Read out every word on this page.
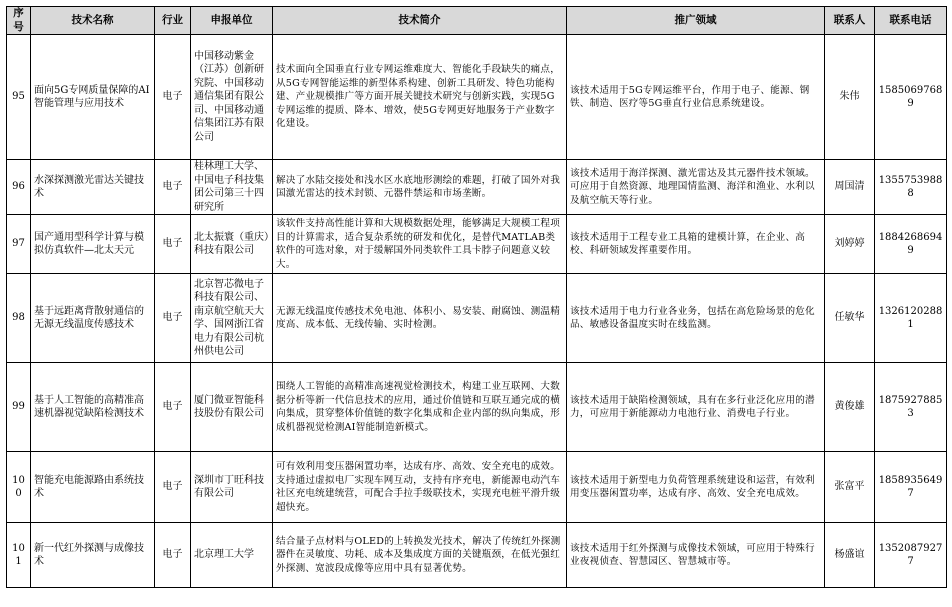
序号	技术名称	行业	申报单位	技术简介	推广领域	联系人	联系电话
95	面向5G专网质量保障的AI智能管理与应用技术	电子	中国移动紫金（江苏）创新研究院、中国移动通信集团有限公司、中国移动通信集团江苏有限公司	技术面向全国垂直行业专网运维难度大、智能化手段缺失的痛点，从5G专网智能运维的新型体系构建、创新工具研发、特色功能构建、产业规模推广等方面开展关键技术研究与创新实践，实现5G专网运维的提质、降本、增效，使5G专网更好地服务于产业数字化建设。	该技术适用于5G专网运维平台，作用于电子、能源、钢铁、制造、医疗等5G垂直行业信息系统建设。	朱伟	15850697689
96	水深探测激光雷达关键技术	电子	桂林理工大学、中国电子科技集团公司第三十四研究所	解决了水陆交接处和浅水区水底地形测绘的难题，打破了国外对我国激光雷达的技术封锁、元器件禁运和市场垄断。	该技术适用于海洋探测、激光雷达及其元器件技术领域。可应用于自然资源、地理国情监测、海洋和渔业、水利以及航空航天等行业。	周国清	13557539888
97	国产通用型科学计算与模拟仿真软件—北太天元	电子	北太振寰（重庆）科技有限公司	该软件支持高性能计算和大规模数据处理，能够满足大规模工程项目的计算需求，适合复杂系统的研发和优化，是替代MATLAB类软件的可选对象，对于缓解国外同类软件工具卡脖子问题意义较大。	该技术适用于工程专业工具箱的建模计算，在企业、高校、科研领域发挥重要作用。	刘婷婷	18842686949
98	基于远距离背散射通信的无源无线温度传感技术	电子	北京智芯微电子科技有限公司、南京航空航天大学、国网浙江省电力有限公司杭州供电公司	无源无线温度传感技术免电池、体积小、易安装、耐腐蚀、测温精度高、成本低、无线传输、实时检测。	该技术适用于电力行业各业务，包括在高危险场景的危化品、敏感设备温度实时在线监测。	任敏华	13261202881
99	基于人工智能的高精准高速机器视觉缺陷检测技术	电子	厦门微亚智能科技股份有限公司	围绕人工智能的高精准高速视觉检测技术，构建工业互联网、大数据分析等新一代信息技术的应用，通过价值链和互联互通完成的横向集成，贯穿整体价值链的数字化集成和企业内部的纵向集成，形成机器视觉检测AI智能制造新模式。	该技术适用于缺陷检测领域，具有在多行业泛化应用的潜力，可应用于新能源动力电池行业、消费电子行业。	黄俊雄	18759278853
100	智能充电能源路由系统技术	电子	深圳市丁旺科技有限公司	可有效利用变压器闲置功率，达成有序、高效、安全充电的成效。支持通过虚拟电厂实现车网互动，支持有序充电，新能源电动汽车社区充电统建统营，可配合手拉手级联技术，实现充电桩平滑升级超快充。	该技术适用于新型电力负荷管理系统建设和运营，有效利用变压器闲置功率，达成有序、高效、安全充电成效。	张富平	18589356497
101	新一代红外探测与成像技术	电子	北京理工大学	结合量子点材料与OLED的上转换发光技术，解决了传统红外探测器件在灵敏度、功耗、成本及集成度方面的关键瓶颈，在低光强红外探测、宽波段成像等应用中具有显著优势。	该技术适用于红外探测与成像技术领域，可应用于特殊行业夜视侦查、智慧园区、智慧城市等。	杨盛谊	13520879277
